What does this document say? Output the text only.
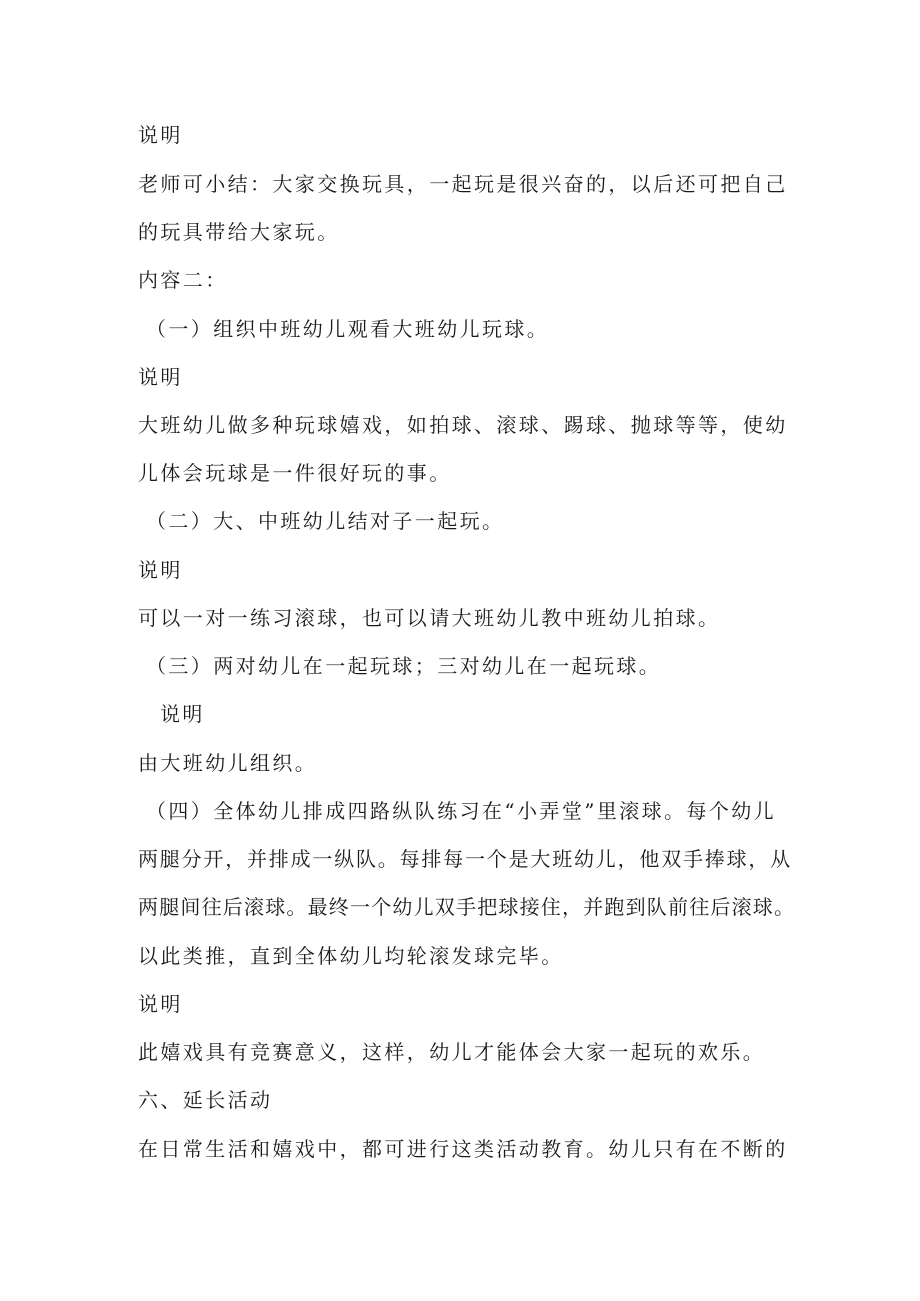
说明
老师可小结：大家交换玩具，一起玩是很兴奋的，以后还可把自己
的玩具带给大家玩。
内容二：
（一）组织中班幼儿观看大班幼儿玩球。
说明
大班幼儿做多种玩球嬉戏，如拍球、滚球、踢球、抛球等等，使幼
儿体会玩球是一件很好玩的事。
（二）大、中班幼儿结对子一起玩。
说明
可以一对一练习滚球，也可以请大班幼儿教中班幼儿拍球。
（三）两对幼儿在一起玩球；三对幼儿在一起玩球。
说明
由大班幼儿组织。
（四）全体幼儿排成四路纵队练习在“小弄堂”里滚球。每个幼儿
两腿分开，并排成一纵队。每排每一个是大班幼儿，他双手捧球，从
两腿间往后滚球。最终一个幼儿双手把球接住，并跑到队前往后滚球。
以此类推，直到全体幼儿均轮滚发球完毕。
说明
此嬉戏具有竞赛意义，这样，幼儿才能体会大家一起玩的欢乐。
六、延长活动
在日常生活和嬉戏中，都可进行这类活动教育。幼儿只有在不断的
